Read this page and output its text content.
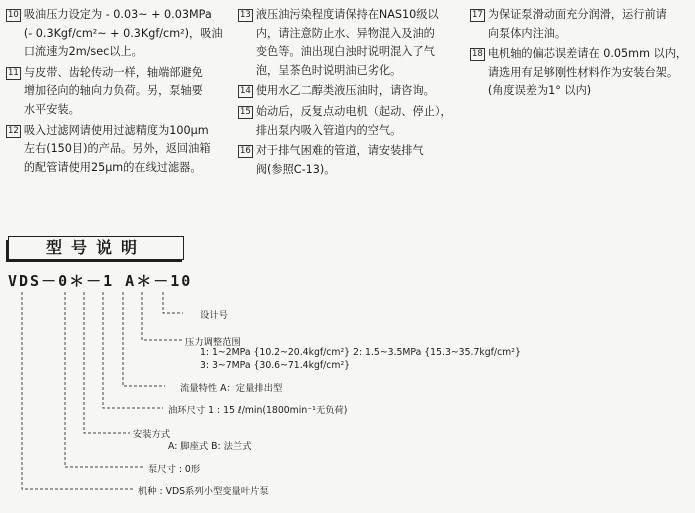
10 吸油压力设定为 - 0.03~ + 0.03MPa
(- 0.3Kgf/cm²~ + 0.3Kgf/cm²)，吸油
口流速为2m/sec以上。
11 与皮带、齿轮传动一样，轴端部避免
增加径向的轴向力负荷。另，泵轴要
水平安装。
12 吸入过滤网请使用过滤精度为100μm
左右(150目)的产品。另外，返回油箱
的配管请使用25μm的在线过滤器。
13 液压油污染程度请保持在NAS10级以
内，请注意防止水、异物混入及油的
变色等。油出现白浊时说明混入了气
泡，呈茶色时说明油已劣化。
14 使用水乙二醇类液压油时，请咨询。
15 始动后，反复点动电机（起动、停止），
排出泵内吸入管道内的空气。
16 对于排气困难的管道，请安装排气
阀(参照C-13)。
17 为保证泵滑动面充分润滑，运行前请
向泵体内注油。
18 电机轴的偏芯误差请在 0.05mm 以内，
请选用有足够刚性材料作为安装台架。
(角度误差为1° 以内)
型号说明
VDS－0＊－1 A＊－10
设计号
压力调整范围
1: 1~2MPa {10.2~20.4kgf/cm²} 2: 1.5~3.5MPa {15.3~35.7kgf/cm²}
3: 3~7MPa {30.6~71.4kgf/cm²}
流量特性 A：定量排出型
油环尺寸 1 : 15 ℓ/min(1800min⁻¹无负荷)
安装方式
A: 脚座式 B: 法兰式
泵尺寸 : 0形
机种 : VDS系列小型变量叶片泵
